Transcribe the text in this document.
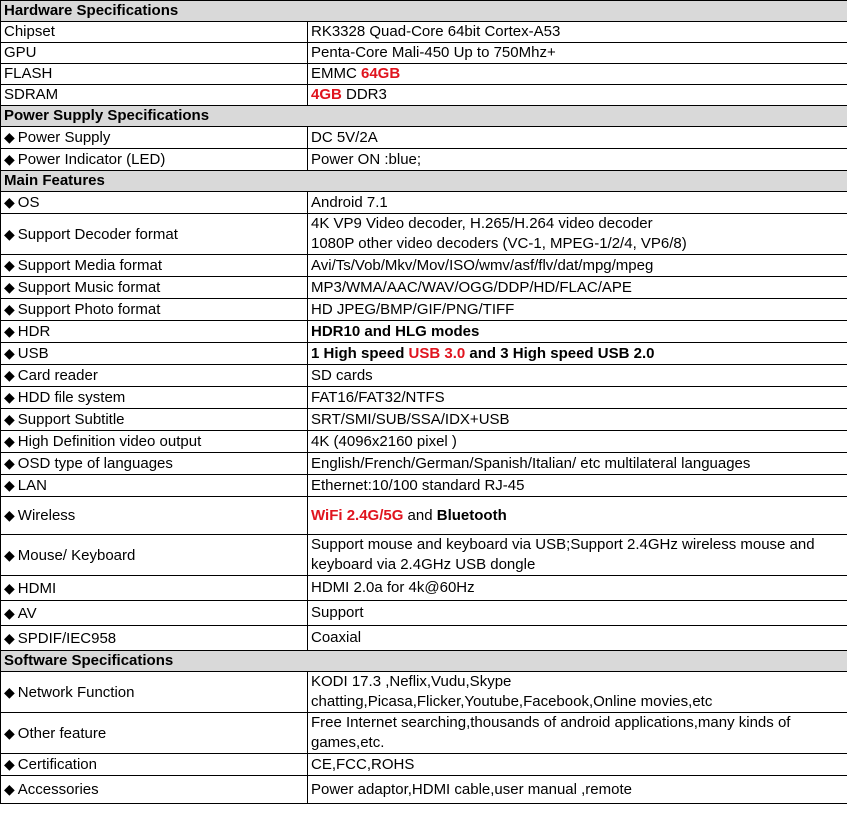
Hardware Specifications	
Chipset	RK3328 Quad-Core 64bit Cortex-A53
GPU	Penta-Core Mali-450 Up to 750Mhz+
FLASH	EMMC 64GB
SDRAM	4GB DDR3
Power Supply Specifications	
◆ Power Supply	DC 5V/2A
◆ Power Indicator (LED)	Power ON :blue;
Main Features	
◆ OS	Android 7.1
◆ Support Decoder format	4K VP9 Video decoder, H.265/H.264 video decoder
1080P other video decoders (VC-1, MPEG-1/2/4, VP6/8)

◆ Support Media format	Avi/Ts/Vob/Mkv/Mov/ISO/wmv/asf/flv/dat/mpg/mpeg
◆ Support Music format	MP3/WMA/AAC/WAV/OGG/DDP/HD/FLAC/APE
◆ Support Photo format	HD JPEG/BMP/GIF/PNG/TIFF
◆ HDR	HDR10 and HLG modes
◆ USB	1 High speed USB 3.0 and 3 High speed USB 2.0
◆ Card reader	SD cards
◆ HDD file system	FAT16/FAT32/NTFS
◆ Support Subtitle	SRT/SMI/SUB/SSA/IDX+USB
◆ High Definition video output	4K (4096x2160 pixel )
◆ OSD type of languages	English/French/German/Spanish/Italian/ etc multilateral languages
◆ LAN	Ethernet:10/100 standard RJ-45
◆ Wireless	WiFi 2.4G/5G and Bluetooth
◆ Mouse/ Keyboard	Support mouse and keyboard via USB;Support 2.4GHz wireless mouse and keyboard via 2.4GHz USB dongle
◆ HDMI	HDMI 2.0a for 4k@60Hz
◆ AV	Support
◆ SPDIF/IEC958	Coaxial
Software Specifications	
◆ Network Function	KODI 17.3 ,Neflix,Vudu,Skype
chatting,Picasa,Flicker,Youtube,Facebook,Online movies,etc

◆ Other feature	Free Internet searching,thousands of android applications,many kinds of games,etc.
◆ Certification	CE,FCC,ROHS
◆ Accessories	Power adaptor,HDMI cable,user manual ,remote
